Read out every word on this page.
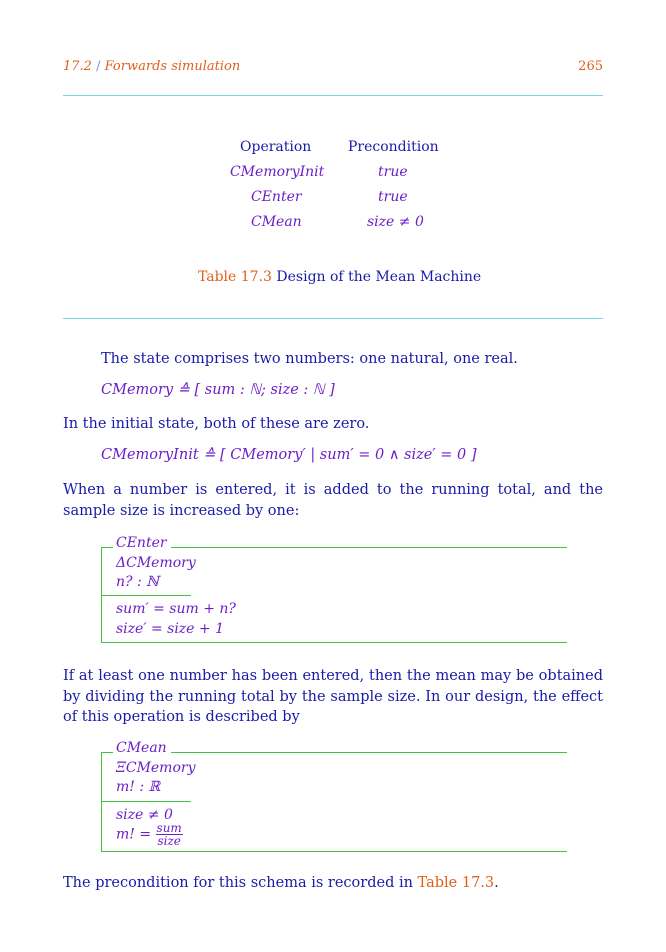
17.2 / Forwards simulation	265
Operation	Precondition
CMemoryInit	true
CEnter	true
CMean	size ≠ 0
Table 17.3 Design of the Mean Machine
The state comprises two numbers: one natural, one real.
CMemory ≙ [ sum : ℕ; size : ℕ ]
In the initial state, both of these are zero.
CMemoryInit ≙ [ CMemory′ | sum′ = 0 ∧ size′ = 0 ]
When a number is entered, it is added to the running total, and the sample size is increased by one:
CEnter
ΔCMemory
n? : ℕ
sum′ = sum + n?
size′ = size + 1
If at least one number has been entered, then the mean may be obtained by dividing the running total by the sample size. In our design, the effect of this operation is described by
CMean
ΞCMemory
m! : ℝ
size ≠ 0
m! = $\frac{\text{sum}}{\text{size}}$
The precondition for this schema is recorded in Table 17.3.
